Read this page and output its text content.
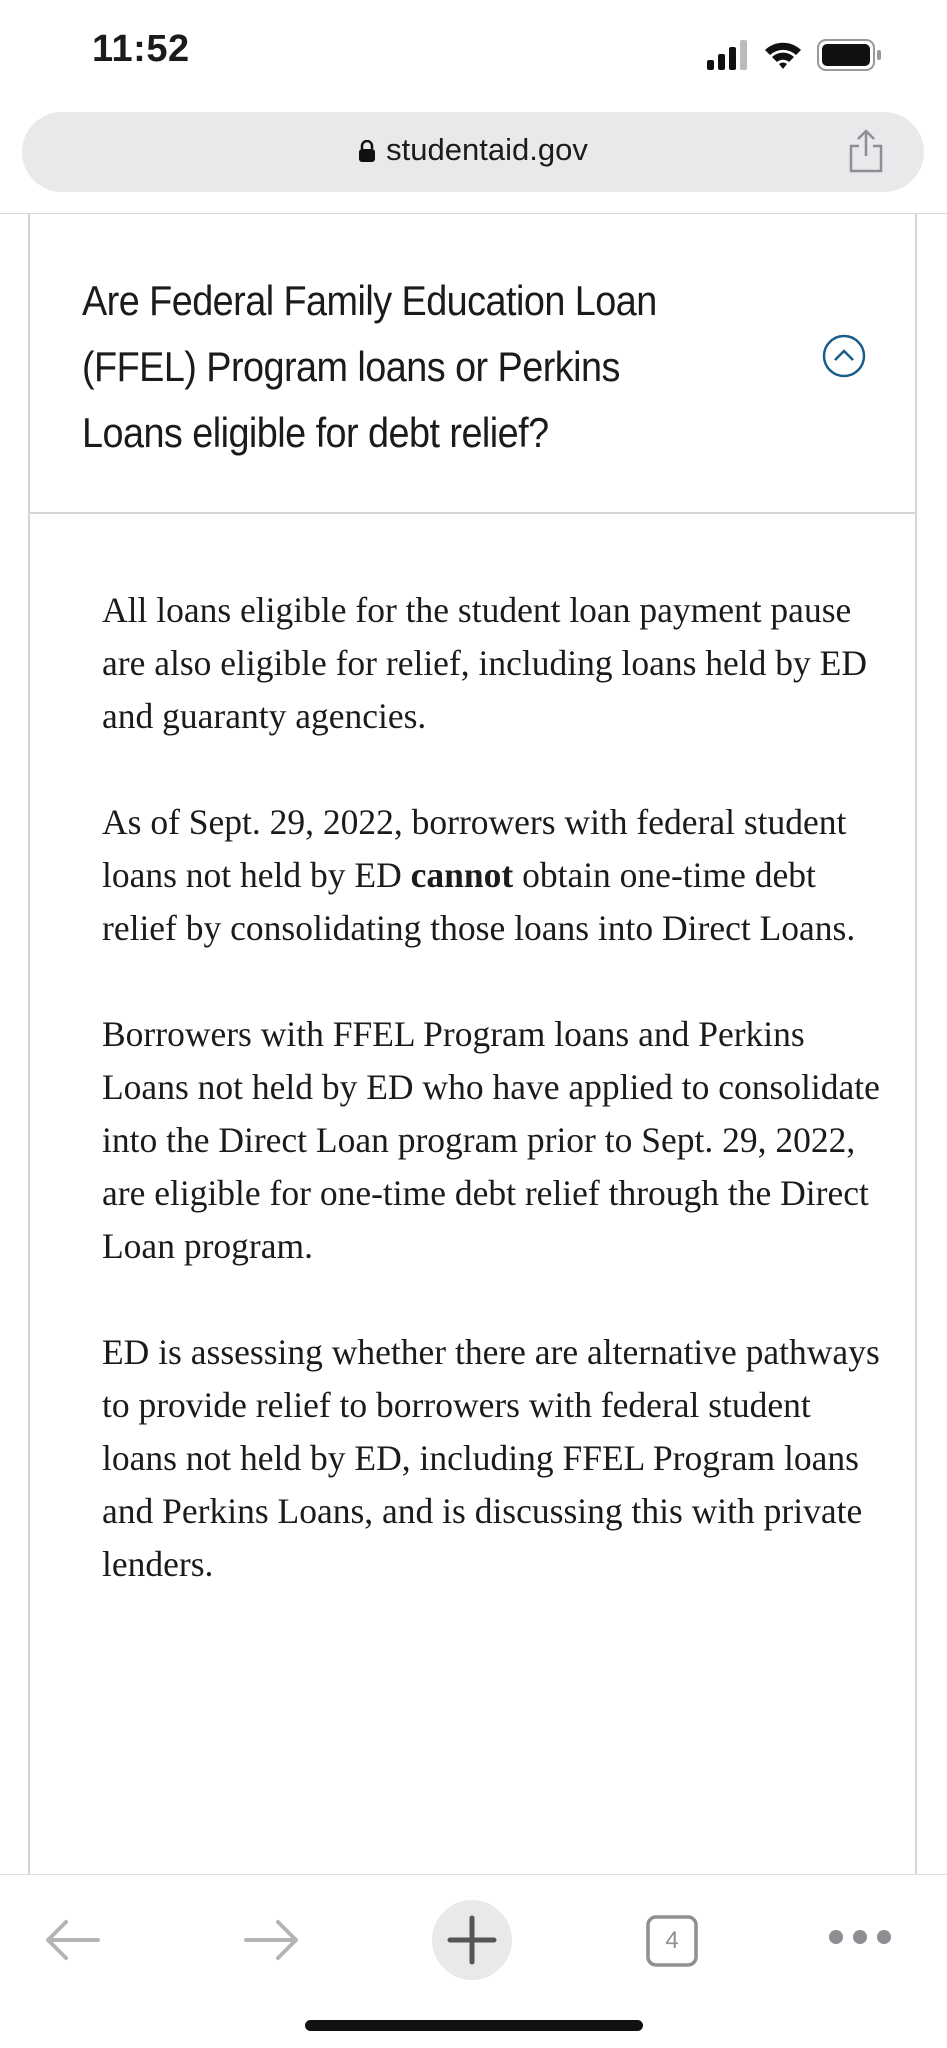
11:52
studentaid.gov
Are Federal Family Education Loan (FFEL) Program loans or Perkins Loans eligible for debt relief?

All loans eligible for the student loan payment pause are also eligible for relief, including loans held by ED and guaranty agencies.

As of Sept. 29, 2022, borrowers with federal student loans not held by ED cannot obtain one-time debt relief by consolidating those loans into Direct Loans.

Borrowers with FFEL Program loans and Perkins Loans not held by ED who have applied to consolidate into the Direct Loan program prior to Sept. 29, 2022, are eligible for one-time debt relief through the Direct Loan program.

ED is assessing whether there are alternative pathways to provide relief to borrowers with federal student loans not held by ED, including FFEL Program loans and Perkins Loans, and is discussing this with private lenders.

4
